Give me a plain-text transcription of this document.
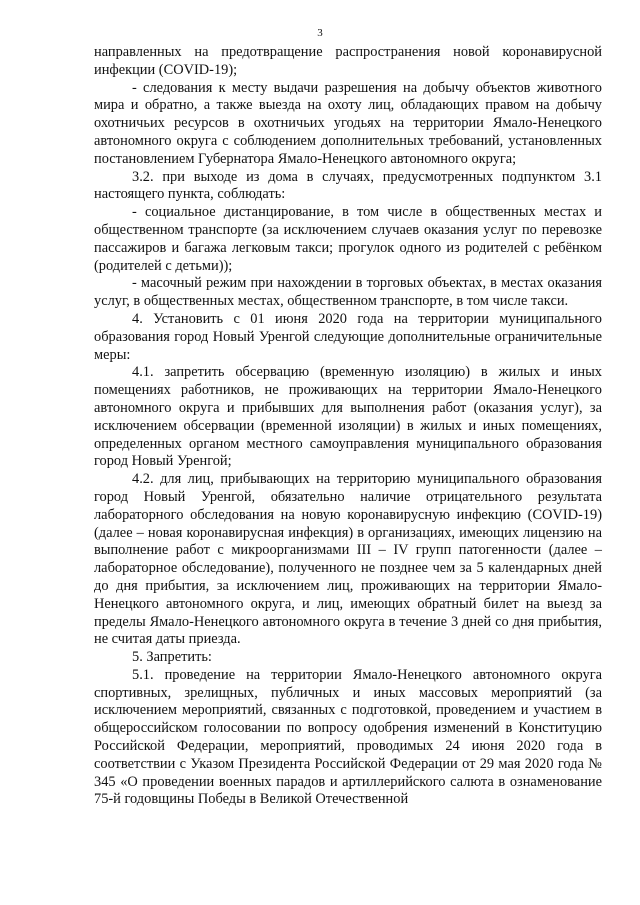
3

направленных на предотвращение распространения новой коронавирусной инфекции (COVID-19);

- следования к месту выдачи разрешения на добычу объектов животного мира и обратно, а также выезда на охоту лиц, обладающих правом на добычу охотничьих ресурсов в охотничьих угодьях на территории Ямало-Ненецкого автономного округа с соблюдением дополнительных требований, установленных постановлением Губернатора Ямало-Ненецкого автономного округа;

3.2. при выходе из дома в случаях, предусмотренных подпунктом 3.1 настоящего пункта, соблюдать:

- социальное дистанцирование, в том числе в общественных местах и общественном транспорте (за исключением случаев оказания услуг по перевозке пассажиров и багажа легковым такси; прогулок одного из родителей с ребёнком (родителей с детьми));

- масочный режим при нахождении в торговых объектах, в местах оказания услуг, в общественных местах, общественном транспорте, в том числе такси.

4. Установить с 01 июня 2020 года на территории муниципального образования город Новый Уренгой следующие дополнительные ограничительные меры:

4.1. запретить обсервацию (временную изоляцию) в жилых и иных помещениях работников, не проживающих на территории Ямало-Ненецкого автономного округа и прибывших для выполнения работ (оказания услуг), за исключением обсервации (временной изоляции) в жилых и иных помещениях, определенных органом местного самоуправления муниципального образования город Новый Уренгой;

4.2. для лиц, прибывающих на территорию муниципального образования город Новый Уренгой, обязательно наличие отрицательного результата лабораторного обследования на новую коронавирусную инфекцию (COVID-19) (далее – новая коронавирусная инфекция) в организациях, имеющих лицензию на выполнение работ с микроорганизмами III – IV групп патогенности (далее – лабораторное обследование), полученного не позднее чем за 5 календарных дней до дня прибытия, за исключением лиц, проживающих на территории Ямало-Ненецкого автономного округа, и лиц, имеющих обратный билет на выезд за пределы Ямало-Ненецкого автономного округа в течение 3 дней со дня прибытия, не считая даты приезда.

5. Запретить:

5.1. проведение на территории Ямало-Ненецкого автономного округа спортивных, зрелищных, публичных и иных массовых мероприятий (за исключением мероприятий, связанных с подготовкой, проведением и участием в общероссийском голосовании по вопросу одобрения изменений в Конституцию Российской Федерации, мероприятий, проводимых 24 июня 2020 года в соответствии с Указом Президента Российской Федерации от 29 мая 2020 года № 345 «О проведении военных парадов и артиллерийского салюта в ознаменование 75-й годовщины Победы в Великой Отечественной
